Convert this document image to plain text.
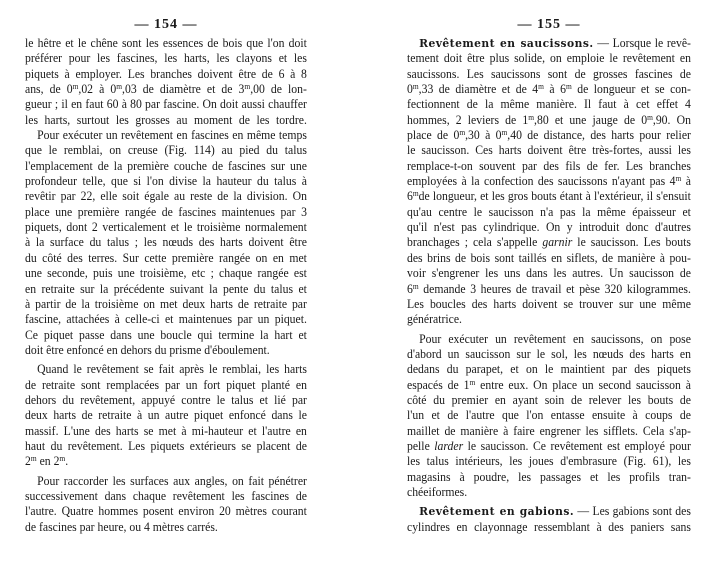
— 154 —
le hêtre et le chêne sont les essences de bois que l'on doit
préférer pour les fascines, les harts, les clayons et les
piquets à employer. Les branches doivent être de 6 à 8
ans, de 0$^m$,02 à 0$^m$,03 de diamètre et de 3$^m$,00 de lon-
gueur ; il en faut 60 à 80 par fascine. On doit aussi chauffer
les harts, surtout les grosses au moment de les tordre.
Pour exécuter un revêtement en fascines en même temps
que le remblai, on creuse (Fig. 114) au pied du talus
l'emplacement de la première couche de fascines sur une
profondeur telle, que si l'on divise la hauteur du talus à
revêtir par 22, elle soit égale au reste de la division. On
place une première rangée de fascines maintenues par 3
piquets, dont 2 verticalement et le troisième normalement
à la surface du talus ; les nœuds des harts doivent être
du côté des terres. Sur cette première rangée on en met
une seconde, puis une troisième, etc ; chaque rangée est
en retraite sur la précédente suivant la pente du talus et
à partir de la troisième on met deux harts de retraite par
fascine, attachées à celle-ci et maintenues par un piquet.
Ce piquet passe dans une boucle qui termine la hart et
doit être enfoncé en dehors du prisme d'éboulement.
Quand le revêtement se fait après le remblai, les harts
de retraite sont remplacées par un fort piquet planté en
dehors du revêtement, appuyé contre le talus et lié par
deux harts de retraite à un autre piquet enfoncé dans le
massif. L'une des harts se met à mi-hauteur et l'autre en
haut du revêtement. Les piquets extérieurs se placent de
2$^m$ en 2$^m$.
Pour raccorder les surfaces aux angles, on fait pénétrer
successivement dans chaque revêtement les fascines de
l'autre. Quatre hommes posent environ 20 mètres courant
de fascines par heure, ou 4 mètres carrés.
— 155 —
Revêtement en saucissons. — Lorsque le revê-
tement doit être plus solide, on emploie le revêtement en
saucissons. Les saucissons sont de grosses fascines de
0$^m$,33 de diamètre et de 4$^m$ à 6$^m$ de longueur et se con-
fectionnent de la même manière. Il faut à cet effet 4
hommes, 2 leviers de 1$^m$,80 et une jauge de 0$^m$,90. On
place de 0$^m$,30 à 0$^m$,40 de distance, des harts pour relier
le saucisson. Ces harts doivent être très-fortes, aussi les
remplace-t-on souvent par des fils de fer. Les branches
employées à la confection des saucissons n'ayant pas 4$^m$ à
6$^m$de longueur, et les gros bouts étant à l'extérieur, il s'ensuit
qu'au centre le saucisson n'a pas la même épaisseur et
qu'il n'est pas cylindrique. On y introduit donc d'autres
branchages ; cela s'appelle garnir le saucisson. Les bouts
des brins de bois sont taillés en siflets, de manière à pou-
voir s'engrener les uns dans les autres. Un saucisson de
6$^m$ demande 3 heures de travail et pèse 320 kilogrammes.
Les boucles des harts doivent se trouver sur une même
génératrice.
Pour exécuter un revêtement en saucissons, on pose
d'abord un saucisson sur le sol, les nœuds des harts en
dedans du parapet, et on le maintient par des piquets
espacés de 1$^m$ entre eux. On place un second saucisson à
côté du premier en ayant soin de relever les bouts de
l'un et de l'autre que l'on entasse ensuite à coups de
maillet de manière à faire engrener les sifflets. Cela s'ap-
pelle larder le saucisson. Ce revêtement est employé pour
les talus intérieurs, les joues d'embrasure (Fig. 61), les
magasins à poudre, les passages et les profils tran-
chéeiformes.
Revêtement en gabions. — Les gabions sont des
cylindres en clayonnage ressemblant à des paniers sans
